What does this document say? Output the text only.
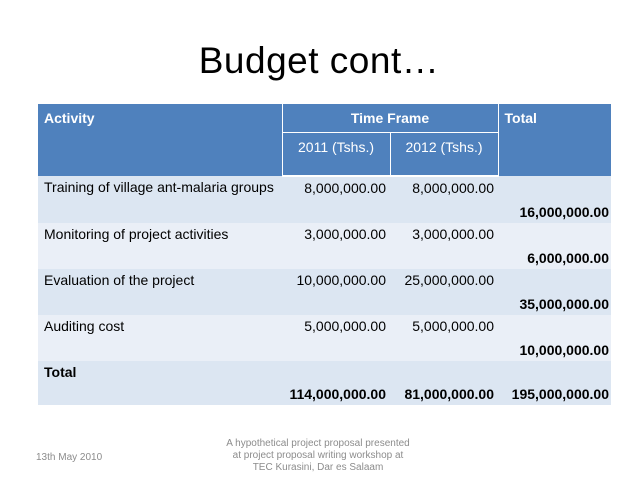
Budget cont…
Activity	Time Frame		Total
	2011 (Tshs.)	2012 (Tshs.)	
Training of village ant-malaria groups	8,000,000.00	8,000,000.00	16,000,000.00
Monitoring of project activities	3,000,000.00	3,000,000.00	6,000,000.00
Evaluation of the project	10,000,000.00	25,000,000.00	35,000,000.00
Auditing cost	5,000,000.00	5,000,000.00	10,000,000.00
Total	114,000,000.00	81,000,000.00	195,000,000.00
13th May 2010
A hypothetical project proposal presented
at project proposal writing workshop at
TEC Kurasini, Dar es Salaam
